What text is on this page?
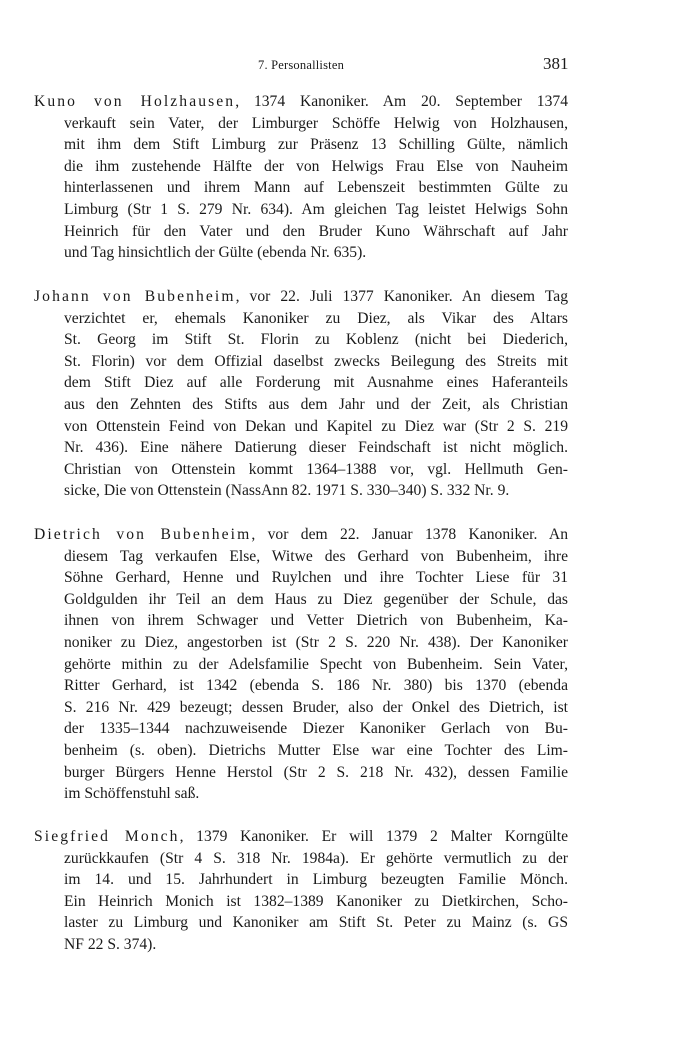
7. Personallisten	381
Kuno von Holzhausen, 1374 Kanoniker. Am 20. September 1374
verkauft sein Vater, der Limburger Schöffe Helwig von Holzhausen,
mit ihm dem Stift Limburg zur Präsenz 13 Schilling Gülte, nämlich
die ihm zustehende Hälfte der von Helwigs Frau Else von Nauheim
hinterlassenen und ihrem Mann auf Lebenszeit bestimmten Gülte zu
Limburg (Str 1 S. 279 Nr. 634). Am gleichen Tag leistet Helwigs Sohn
Heinrich für den Vater und den Bruder Kuno Währschaft auf Jahr
und Tag hinsichtlich der Gülte (ebenda Nr. 635).
Johann von Bubenheim, vor 22. Juli 1377 Kanoniker. An diesem Tag
verzichtet er, ehemals Kanoniker zu Diez, als Vikar des Altars
St. Georg im Stift St. Florin zu Koblenz (nicht bei Diederich,
St. Florin) vor dem Offizial daselbst zwecks Beilegung des Streits mit
dem Stift Diez auf alle Forderung mit Ausnahme eines Haferanteils
aus den Zehnten des Stifts aus dem Jahr und der Zeit, als Christian
von Ottenstein Feind von Dekan und Kapitel zu Diez war (Str 2 S. 219
Nr. 436). Eine nähere Datierung dieser Feindschaft ist nicht möglich.
Christian von Ottenstein kommt 1364–1388 vor, vgl. Hellmuth Gen-
sicke, Die von Ottenstein (NassAnn 82. 1971 S. 330–340) S. 332 Nr. 9.
Dietrich von Bubenheim, vor dem 22. Januar 1378 Kanoniker. An
diesem Tag verkaufen Else, Witwe des Gerhard von Bubenheim, ihre
Söhne Gerhard, Henne und Ruylchen und ihre Tochter Liese für 31
Goldgulden ihr Teil an dem Haus zu Diez gegenüber der Schule, das
ihnen von ihrem Schwager und Vetter Dietrich von Bubenheim, Ka-
noniker zu Diez, angestorben ist (Str 2 S. 220 Nr. 438). Der Kanoniker
gehörte mithin zu der Adelsfamilie Specht von Bubenheim. Sein Vater,
Ritter Gerhard, ist 1342 (ebenda S. 186 Nr. 380) bis 1370 (ebenda
S. 216 Nr. 429 bezeugt; dessen Bruder, also der Onkel des Dietrich, ist
der 1335–1344 nachzuweisende Diezer Kanoniker Gerlach von Bu-
benheim (s. oben). Dietrichs Mutter Else war eine Tochter des Lim-
burger Bürgers Henne Herstol (Str 2 S. 218 Nr. 432), dessen Familie
im Schöffenstuhl saß.
Siegfried Monch, 1379 Kanoniker. Er will 1379 2 Malter Korngülte
zurückkaufen (Str 4 S. 318 Nr. 1984a). Er gehörte vermutlich zu der
im 14. und 15. Jahrhundert in Limburg bezeugten Familie Mönch.
Ein Heinrich Monich ist 1382–1389 Kanoniker zu Dietkirchen, Scho-
laster zu Limburg und Kanoniker am Stift St. Peter zu Mainz (s. GS
NF 22 S. 374).
